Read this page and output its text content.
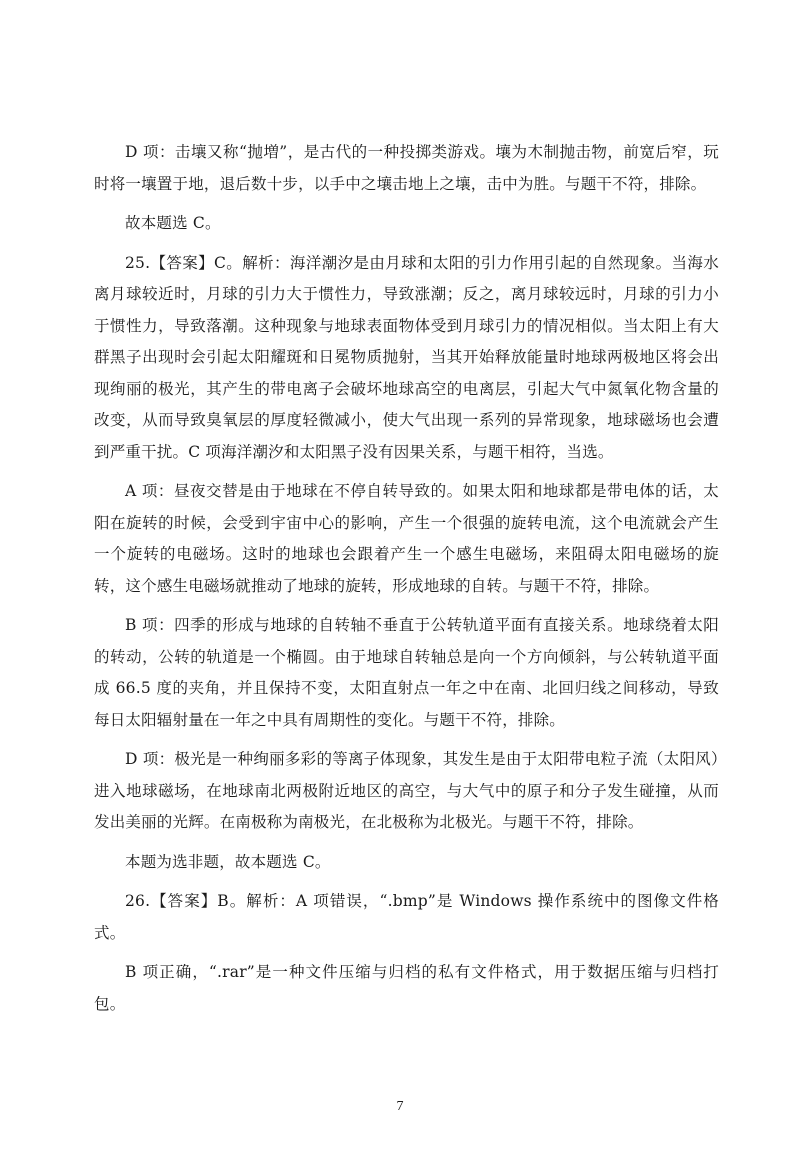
D 项：击壤又称“抛増”，是古代的一种投掷类游戏。壤为木制抛击物，前宽后窄，玩时将一壤置于地，退后数十步，以手中之壤击地上之壤，击中为胜。与题干不符，排除。

故本题选 C。

25.【答案】C。解析：海洋潮汐是由月球和太阳的引力作用引起的自然现象。当海水离月球较近时，月球的引力大于惯性力，导致涨潮；反之，离月球较远时，月球的引力小于惯性力，导致落潮。这种现象与地球表面物体受到月球引力的情况相似。当太阳上有大群黑子出现时会引起太阳耀斑和日冕物质抛射，当其开始释放能量时地球两极地区将会出现绚丽的极光，其产生的带电离子会破坏地球高空的电离层，引起大气中氮氧化物含量的改变，从而导致臭氧层的厚度轻微减小，使大气出现一系列的异常现象，地球磁场也会遭到严重干扰。C 项海洋潮汐和太阳黑子没有因果关系，与题干相符，当选。

A 项：昼夜交替是由于地球在不停自转导致的。如果太阳和地球都是带电体的话，太阳在旋转的时候，会受到宇宙中心的影响，产生一个很强的旋转电流，这个电流就会产生一个旋转的电磁场。这时的地球也会跟着产生一个感生电磁场，来阻碍太阳电磁场的旋转，这个感生电磁场就推动了地球的旋转，形成地球的自转。与题干不符，排除。

B 项：四季的形成与地球的自转轴不垂直于公转轨道平面有直接关系。地球绕着太阳的转动，公转的轨道是一个椭圆。由于地球自转轴总是向一个方向倾斜，与公转轨道平面成 66.5 度的夹角，并且保持不变，太阳直射点一年之中在南、北回归线之间移动，导致每日太阳辐射量在一年之中具有周期性的变化。与题干不符，排除。

D 项：极光是一种绚丽多彩的等离子体现象，其发生是由于太阳带电粒子流（太阳风）进入地球磁场，在地球南北两极附近地区的高空，与大气中的原子和分子发生碰撞，从而发出美丽的光辉。在南极称为南极光，在北极称为北极光。与题干不符，排除。

本题为选非题，故本题选 C。

26.【答案】B。解析：A 项错误，“.bmp”是 Windows 操作系统中的图像文件格式。

B 项正确，“.rar”是一种文件压缩与归档的私有文件格式，用于数据压缩与归档打包。

7
